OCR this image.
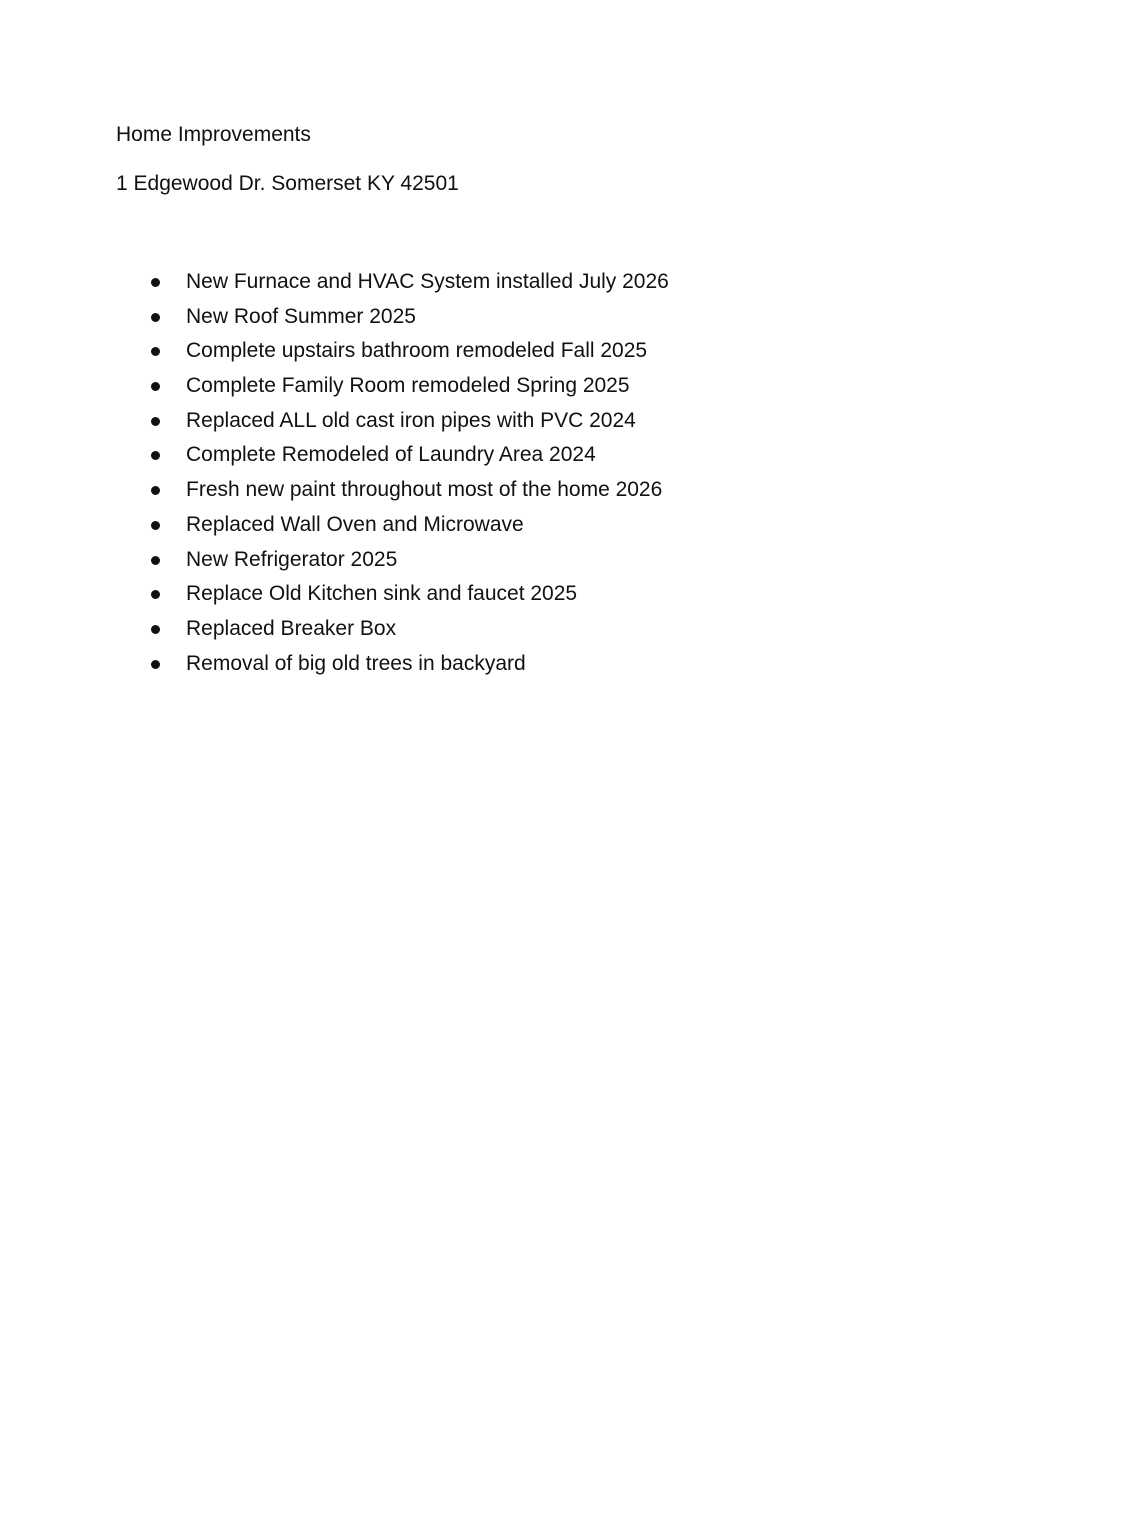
Home Improvements
1 Edgewood Dr. Somerset KY 42501
New Furnace and HVAC System installed July 2026
New Roof Summer 2025
Complete upstairs bathroom remodeled Fall 2025
Complete Family Room remodeled Spring 2025
Replaced ALL old cast iron pipes with PVC 2024
Complete Remodeled of Laundry Area 2024
Fresh new paint throughout most of the home 2026
Replaced Wall Oven and Microwave
New Refrigerator 2025
Replace Old Kitchen sink and faucet 2025
Replaced Breaker Box
Removal of big old trees in backyard
